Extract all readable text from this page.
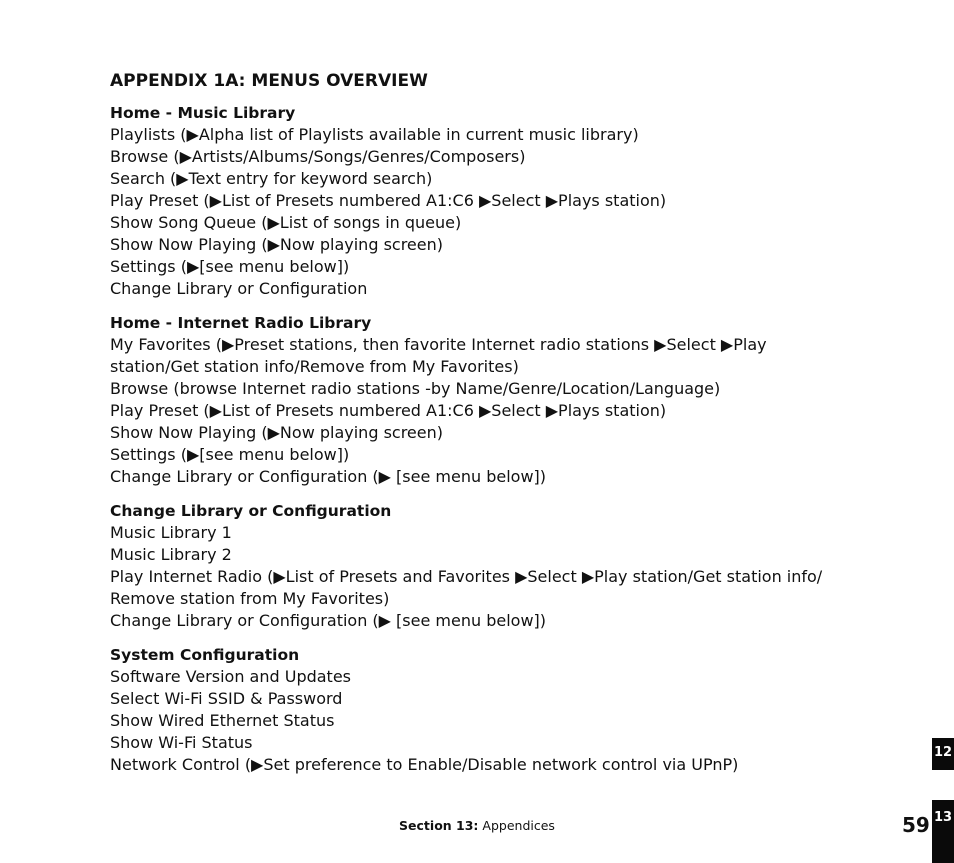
APPENDIX 1A: MENUS OVERVIEW
Home - Music Library
Playlists (▶Alpha list of Playlists available in current music library)
Browse (▶Artists/Albums/Songs/Genres/Composers)
Search (▶Text entry for keyword search)
Play Preset (▶List of Presets numbered A1:C6 ▶Select ▶Plays station)
Show Song Queue (▶List of songs in queue)
Show Now Playing (▶Now playing screen)
Settings (▶[see menu below])
Change Library or Configuration
Home - Internet Radio Library
My Favorites (▶Preset stations, then favorite Internet radio stations ▶Select ▶Play station/Get station info/Remove from My Favorites)
Browse (browse Internet radio stations -by Name/Genre/Location/Language)
Play Preset (▶List of Presets numbered A1:C6 ▶Select ▶Plays station)
Show Now Playing (▶Now playing screen)
Settings (▶[see menu below])
Change Library or Configuration (▶ [see menu below])
Change Library or Configuration
Music Library 1
Music Library 2
Play Internet Radio (▶List of Presets and Favorites ▶Select ▶Play station/Get station info/ Remove station from My Favorites)
Change Library or Configuration (▶ [see menu below])
System Configuration
Software Version and Updates
Select Wi-Fi SSID & Password
Show Wired Ethernet Status
Show Wi-Fi Status
Network Control (▶Set preference to Enable/Disable network control via UPnP)
Section 13: Appendices	59
12
13
